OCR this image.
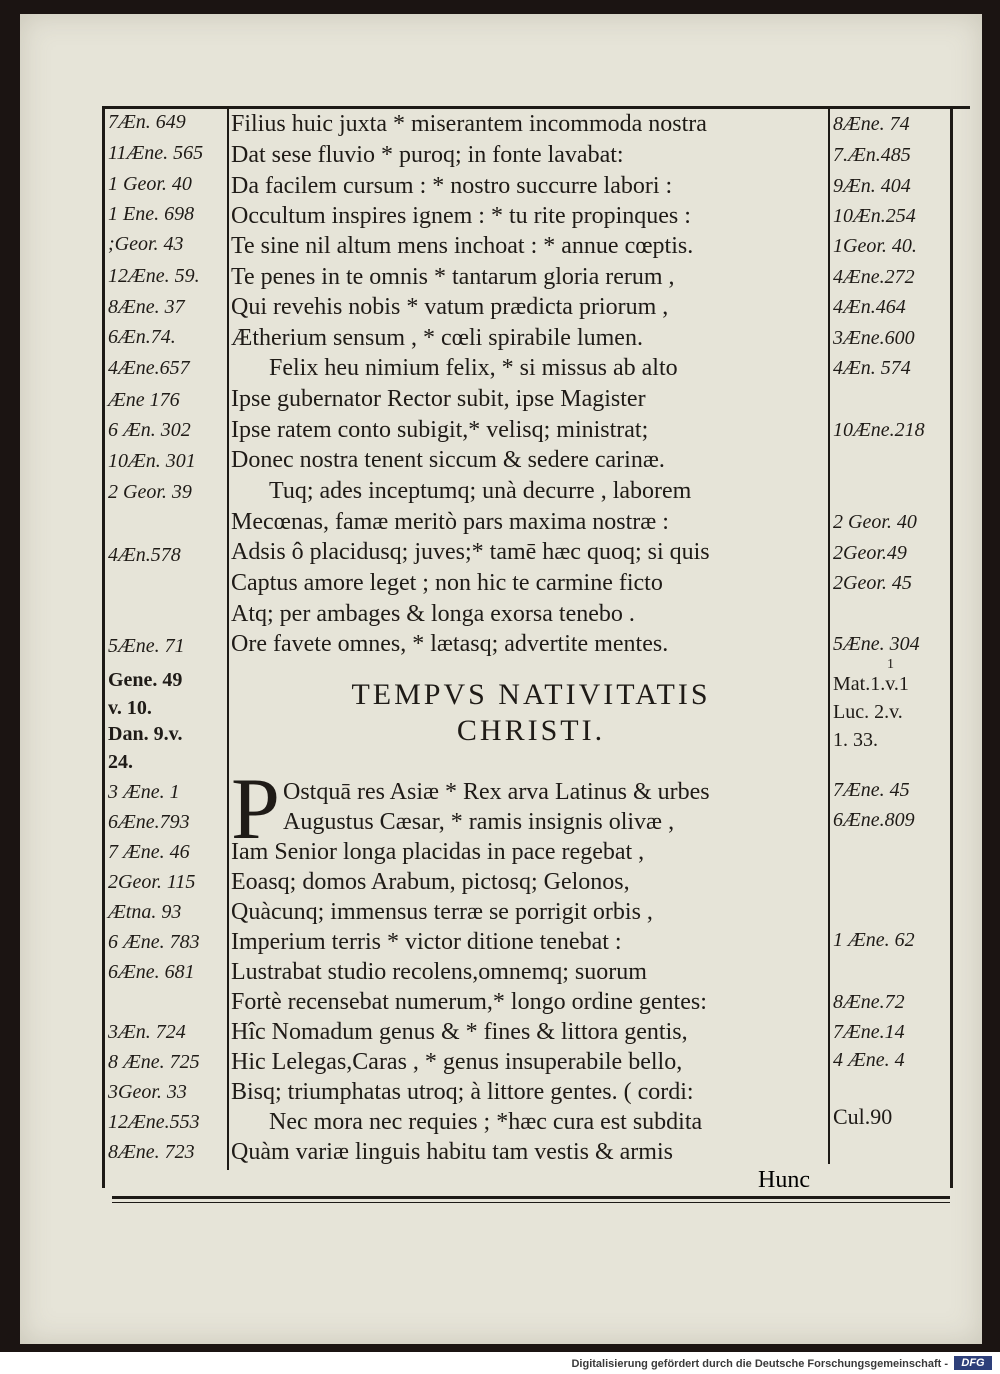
7Æn. 649
11Æne. 565
1 Geor. 40
1 Ene. 698
;Geor. 43
12Æne. 59.
8Æne. 37
6Æn.74.
4Æne.657
Æne 176
6 Æn. 302
10Æn. 301
2 Geor. 39
4Æn.578
5Æne. 71
Gene. 49
v. 10.
Dan. 9.v.
24.
3 Æne. 1
6Æne.793
7 Æne. 46
2Geor. 115
Ætna. 93
6 Æne. 783
6Æne. 681
3Æn. 724
8 Æne. 725
3Geor. 33
12Æne.553
8Æne. 723
Filius huic juxta * miserantem incommoda nostra
Dat sese fluvio * puroq; in fonte lavabat:
Da facilem cursum : * nostro succurre labori :
Occultum inspires ignem : * tu rite propinques :
Te sine nil altum mens inchoat : * annue cœptis.
Te penes in te omnis * tantarum gloria rerum ,
Qui revehis nobis * vatum prædicta priorum ,
Ætherium sensum , * cœli spirabile lumen.
Felix heu nimium felix, * si missus ab alto
Ipse gubernator Rector subit, ipse Magister
Ipse ratem conto subigit,* velisq; ministrat;
Donec nostra tenent siccum & sedere carinæ.
Tuq; ades inceptumq; unà decurre , laborem
Mecœnas, famæ meritò pars maxima nostræ :
Adsis ô placidusq; juves;* tamē hæc quoq; si quis
Captus amore leget ; non hic te carmine ficto
Atq; per ambages & longa exorsa tenebo .
Ore favete omnes, * lætasq; advertite mentes.
TEMPVS NATIVITATIS
CHRISTI.
P Ostquā res Asiæ * Rex arva Latinus & urbes
Augustus Cæsar, * ramis insignis olivæ ,
Iam Senior longa placidas in pace regebat ,
Eoasq; domos Arabum, pictosq; Gelonos,
Quàcunq; immensus terræ se porrigit orbis ,
Imperium terris * victor ditione tenebat :
Lustrabat studio recolens,omnemq; suorum
Fortè recensebat numerum,* longo ordine gentes:
Hîc Nomadum genus & * fines & littora gentis,
Hic Lelegas,Caras , * genus insuperabile bello,
Bisq; triumphatas utroq; à littore gentes. ( cordi:
Nec mora nec requies ; *hæc cura est subdita
Quàm variæ linguis habitu tam vestis & armis
8Æne. 74
7.Æn.485
9Æn. 404
10Æn.254
1Geor. 40.
4Æne.272
4Æn.464
3Æne.600
4Æn. 574
10Æne.218
2 Geor. 40
2Geor.49
2Geor. 45
5Æne. 304
1
Mat.1.v.1
Luc. 2.v.
1. 33.
7Æne. 45
6Æne.809
1 Æne. 62
8Æne.72
7Æne.14
4 Æne. 4
Cul.90
Hunc
Digitalisierung gefördert durch die Deutsche Forschungsgemeinschaft -	DFG
